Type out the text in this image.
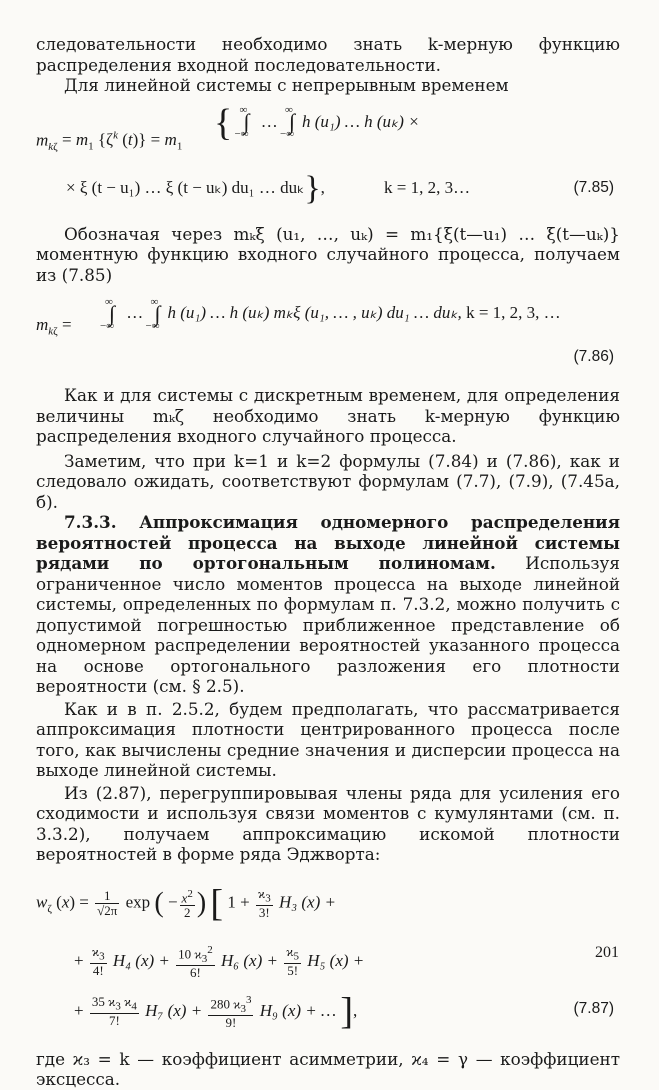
следовательности необходимо знать k-мерную функцию распределения входной последовательности.

Для линейной системы с непрерывным временем

$m_{k\zeta} = m_1$ {$\zeta^k$ $(t)\} = m_1$
{ ∞
∫
−∞
…
∞
∫
−∞
h (u₁) … h (uₖ) ×
× ξ (t − u₁) … ξ (t − uₖ) du₁ … duₖ},	k = 1, 2, 3…	(7.85)

Обозначая через mₖξ (u₁, …, uₖ) = m₁{ξ(t—u₁) … ξ(t—uₖ)} моментную функцию входного случайного процесса, получаем из (7.85)

$m_{k\zeta}$ =
∞
∫
−∞
…
∞
∫
−∞
h (u₁) … h (uₖ) mₖξ (u₁, … , uₖ) du₁ … duₖ, k = 1, 2, 3, …
(7.86)

Как и для системы с дискретным временем, для определения величины mₖζ необходимо знать k-мерную функцию распределения входного случайного процесса.

Заметим, что при k=1 и k=2 формулы (7.84) и (7.86), как и следовало ожидать, соответствуют формулам (7.7), (7.9), (7.45а, б).

7.3.3. Аппроксимация одномерного распределения вероятностей процесса на выходе линейной системы рядами по ортогональным полиномам. Используя ограниченное число моментов процесса на выходе линейной системы, определенных по формулам п. 7.3.2, можно получить с допустимой погрешностью приближенное представление об одномерном распределении вероятностей указанного процесса на основе ортогонального разложения его плотности вероятности (см. § 2.5).

Как и в п. 2.5.2, будем предполагать, что рассматривается аппроксимация плотности центрированного процесса после того, как вычислены средние значения и дисперсии процесса на выходе линейной системы.

Из (2.87), перегруппировывая члены ряда для усиления его сходимости и используя связи моментов с кумулянтами (см. п. 3.3.2), получаем аппроксимацию искомой плотности вероятностей в форме ряда Эджворта:

$w_\zeta$ $(x) = \frac{1}{√2\pi}$ exp ( − $\frac{x^2}{2}$ ) [ $1 + \frac{ϰ_3}{3!} H_3$ (x) +
+ $\frac{ϰ_3}{4!} H_4$ $(x) + \frac{10 ϰ_3^2}{6!} H_6$ $(x) + \frac{ϰ_5}{5!} H_5$ (x) +
+ $\frac{35 ϰ_3 ϰ_4}{7!} H_7$ $(x) + \frac{280 ϰ_3^3}{9!} H_9$ (x) + … ],	(7.87)

где ϰ₃ = k — коэффициент асимметрии, ϰ₄ = γ — коэффициент эксцесса.

201
